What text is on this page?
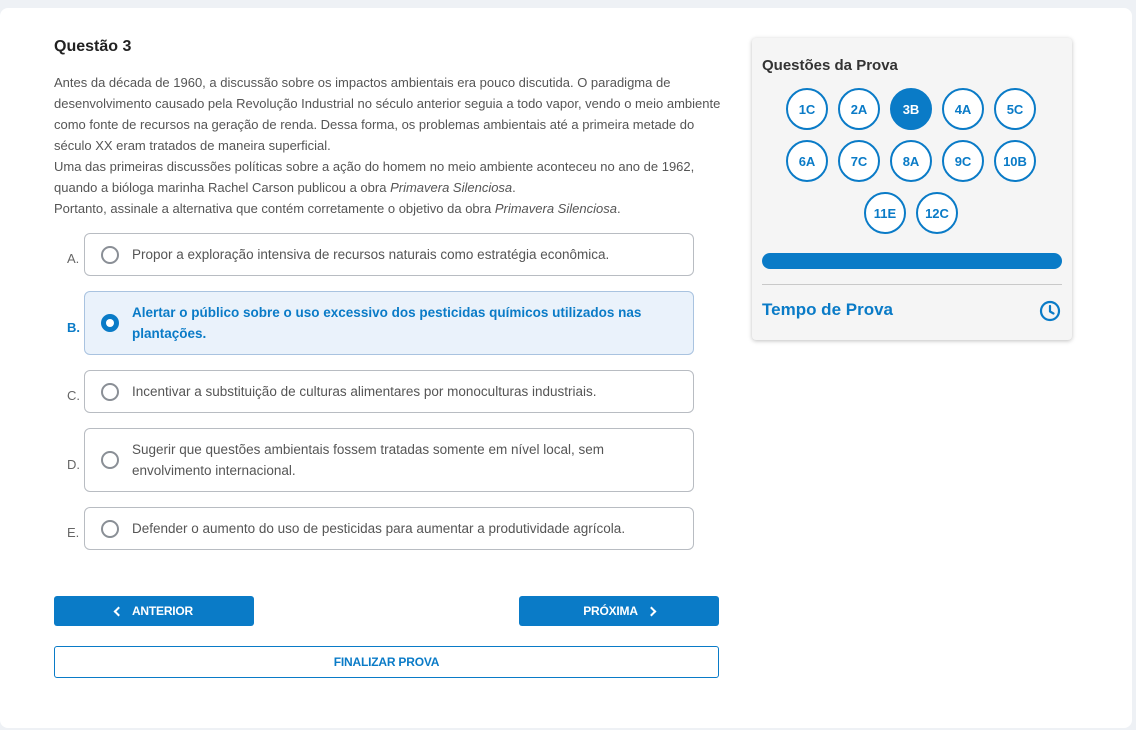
Questão 3

Antes da década de 1960, a discussão sobre os impactos ambientais era pouco discutida. O paradigma de desenvolvimento causado pela Revolução Industrial no século anterior seguia a todo vapor, vendo o meio ambiente como fonte de recursos na geração de renda. Dessa forma, os problemas ambientais até a primeira metade do século XX eram tratados de maneira superficial.

Uma das primeiras discussões políticas sobre a ação do homem no meio ambiente aconteceu no ano de 1962, quando a bióloga marinha Rachel Carson publicou a obra Primavera Silenciosa.

Portanto, assinale a alternativa que contém corretamente o objetivo da obra Primavera Silenciosa.

A.	Propor a exploração intensiva de recursos naturais como estratégia econômica.
B.
Alertar o público sobre o uso excessivo dos pesticidas químicos utilizados nas plantações.
C.	Incentivar a substituição de culturas alimentares por monoculturas industriais.
D.
Sugerir que questões ambientais fossem tratadas somente em nível local, sem envolvimento internacional.
E.	Defender o aumento do uso de pesticidas para aumentar a produtividade agrícola.
ANTERIOR	PRÓXIMA
FINALIZAR PROVA
Questões da Prova
1C	2A	3B	4A	5C
6A	7C	8A	9C	10B
11E	12C
Tempo de Prova
